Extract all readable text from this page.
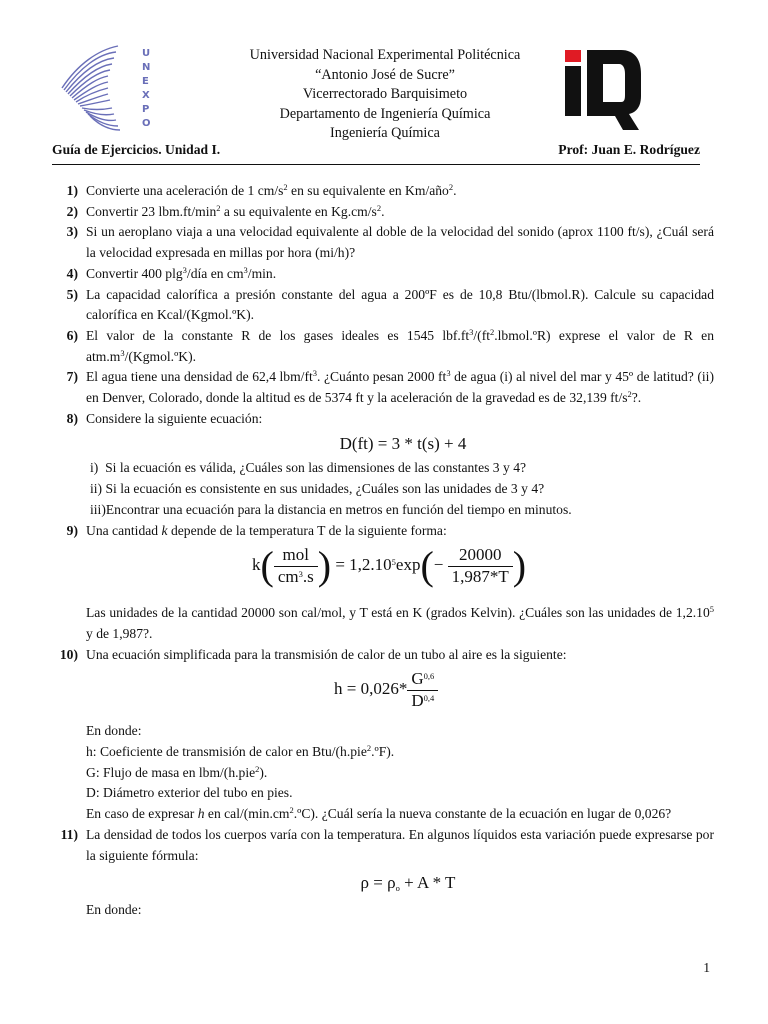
U
N
E
X
P
O
Universidad Nacional Experimental Politécnica
“Antonio José de Sucre”
Vicerrectorado Barquisimeto
Departamento de Ingeniería Química
Ingeniería Química
Guía de Ejercicios. Unidad I.	Prof: Juan E. Rodríguez
1) Convierte una aceleración de 1 $cm/s^2$ en su equivalente en Km/año$^2$.
2) Convertir 23 $lbm.ft/\min^2$ a su equivalente en $Kg.cm/s^2$.
3) Si un aeroplano viaja a una velocidad equivalente al doble de la velocidad del sonido (aprox 1100 ft/s), ¿Cuál será la velocidad expresada en millas por hora (mi/h)?
4) Convertir 400 plg$^3$/día en $cm^3/\min$.
5) La capacidad calorífica a presión constante del agua a 200ºF es de 10,8 Btu/(lbmol.R). Calcule su capacidad calorífica en Kcal/(Kgmol.ºK).
6) El valor de la constante R de los gases ideales es 1545 $lbf.ft^3/(ft^2.lbmol.ºR)$ exprese el valor de R en $atm.m^3/(Kgmol.ºK)$.
7) El agua tiene una densidad de 62,4 lbm/$ft^3$. ¿Cuánto pesan 2000 $ft^3$ de agua (i) al nivel del mar y 45º de latitud? (ii) en Denver, Colorado, donde la altitud es de 5374 ft y la aceleración de la gravedad es de 32,139 $ft/s^2$?.
8) Considere la siguiente ecuación:
D(ft) = 3 * t(s) + 4
i)  Si la ecuación es válida, ¿Cuáles son las dimensiones de las constantes 3 y 4?
ii) Si la ecuación es consistente en sus unidades, ¿Cuáles son las unidades de 3 y 4?
iii)Encontrar una ecuación para la distancia en metros en función del tiempo en minutos.
9) Una cantidad k depende de la temperatura T de la siguiente forma:
$k( \frac{\text{mol}}{cm^3.s}$ ) = $1,2.10^5\exp(- \frac{20000}{1,987*T}$ )
Las unidades de la cantidad 20000 son cal/mol, y T está en K (grados Kelvin). ¿Cuáles son las unidades de 1,2.10$^5$ y de 1,987?.
10) Una ecuación simplificada para la transmisión de calor de un tubo al aire es la siguiente:
$h = 0,026* \frac{G^{0,6}}{D^{0,4}}$
En donde:
h: Coeficiente de transmisión de calor en Btu/(h.pie$^2$.ºF).
G: Flujo de masa en lbm/(h.pie$^2$).
D: Diámetro exterior del tubo en pies.
En caso de expresar h en cal/$(\min.cm^2.ºC)$. ¿Cuál sería la nueva constante de la ecuación en lugar de 0,026?
11) La densidad de todos los cuerpos varía con la temperatura. En algunos líquidos esta variación puede expresarse por la siguiente fórmula:
$\rho = \rho_o + A * T$
En donde:
1
